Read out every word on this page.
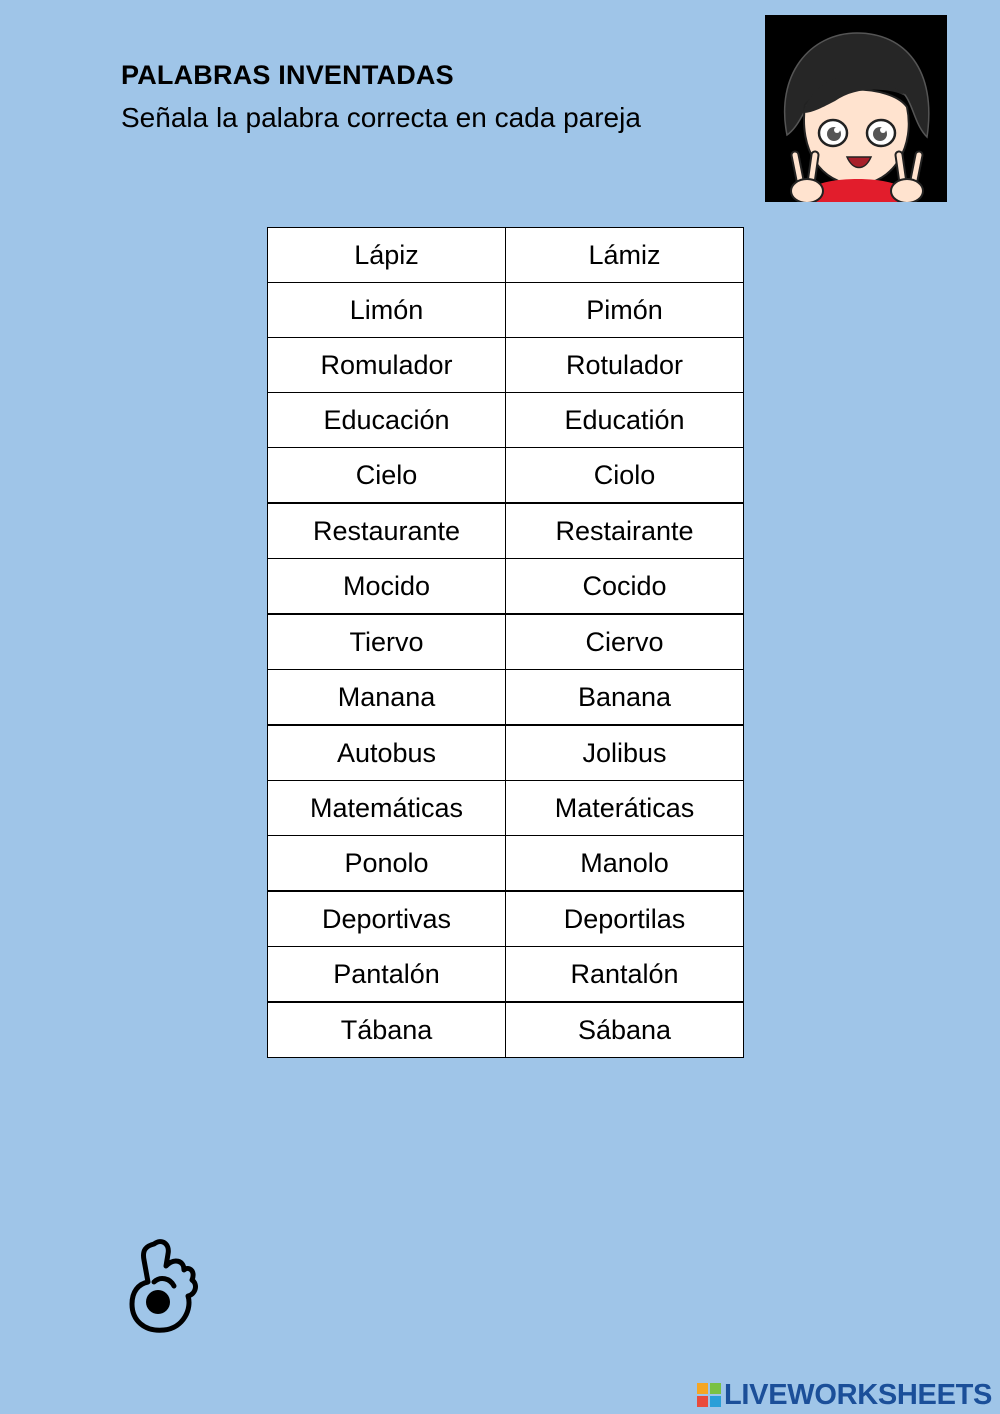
PALABRAS INVENTADAS
Señala la palabra correcta en cada pareja
Lápiz	Lámiz
Limón	Pimón
Romulador	Rotulador
Educación	Educatión
Cielo	Ciolo
Restaurante	Restairante
Mocido	Cocido
Tiervo	Ciervo
Manana	Banana
Autobus	Jolibus
Matemáticas	Materáticas
Ponolo	Manolo
Deportivas	Deportilas
Pantalón	Rantalón
Tábana	Sábana
LIVEWORKSHEETS
